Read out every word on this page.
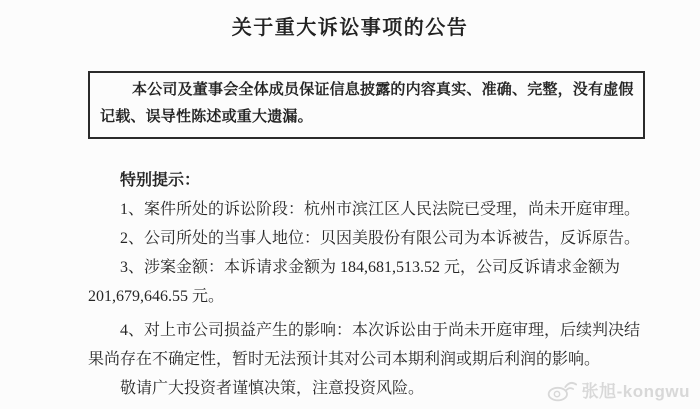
关于重大诉讼事项的公告
本公司及董事会全体成员保证信息披露的内容真实、准确、完整，没有虚假
记载、误导性陈述或重大遗漏。
特别提示：
1、案件所处的诉讼阶段：杭州市滨江区人民法院已受理，尚未开庭审理。
2、公司所处的当事人地位：贝因美股份有限公司为本诉被告，反诉原告。
3、涉案金额：本诉请求金额为 184,681,513.52 元，公司反诉请求金额为
201,679,646.55 元。
4、对上市公司损益产生的影响：本次诉讼由于尚未开庭审理，后续判决结
果尚存在不确定性，暂时无法预计其对公司本期利润或期后利润的影响。
敬请广大投资者谨慎决策，注意投资风险。	张旭-kongwu
